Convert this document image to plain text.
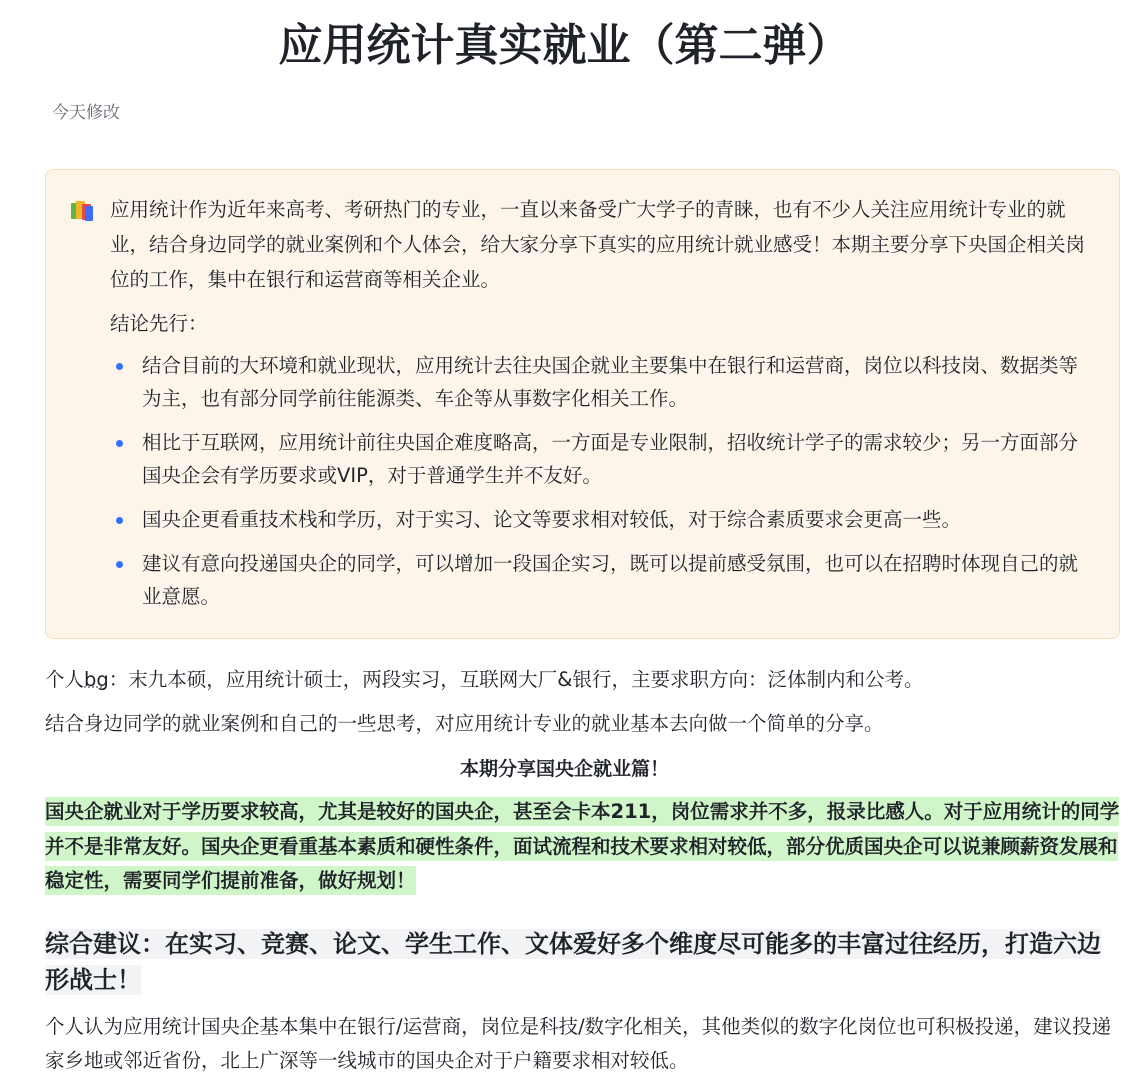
应用统计真实就业（第二弹）
今天修改

应用统计作为近年来高考、考研热门的专业，一直以来备受广大学子的青睐，也有不少人关注应用统计专业的就业，结合身边同学的就业案例和个人体会，给大家分享下真实的应用统计就业感受！本期主要分享下央国企相关岗位的工作，集中在银行和运营商等相关企业。

结论先行：

结合目前的大环境和就业现状，应用统计去往央国企就业主要集中在银行和运营商，岗位以科技岗、数据类等为主，也有部分同学前往能源类、车企等从事数字化相关工作。
相比于互联网，应用统计前往央国企难度略高，一方面是专业限制，招收统计学子的需求较少；另一方面部分国央企会有学历要求或VIP，对于普通学生并不友好。
国央企更看重技术栈和学历，对于实习、论文等要求相对较低，对于综合素质要求会更高一些。
建议有意向投递国央企的同学，可以增加一段国企实习，既可以提前感受氛围，也可以在招聘时体现自己的就业意愿。

个人bg：末九本硕，应用统计硕士，两段实习，互联网大厂&银行，主要求职方向：泛体制内和公考。

结合身边同学的就业案例和自己的一些思考，对应用统计专业的就业基本去向做一个简单的分享。

本期分享国央企就业篇！

国央企就业对于学历要求较高，尤其是较好的国央企，甚至会卡本211，岗位需求并不多，报录比感人。对于应用统计的同学并不是非常友好。国央企更看重基本素质和硬性条件，面试流程和技术要求相对较低，部分优质国央企可以说兼顾薪资发展和稳定性，需要同学们提前准备，做好规划！

综合建议：在实习、竞赛、论文、学生工作、文体爱好多个维度尽可能多的丰富过往经历，打造六边形战士！

个人认为应用统计国央企基本集中在银行/运营商，岗位是科技/数字化相关，其他类似的数字化岗位也可积极投递，建议投递家乡地或邻近省份，北上广深等一线城市的国央企对于户籍要求相对较低。
